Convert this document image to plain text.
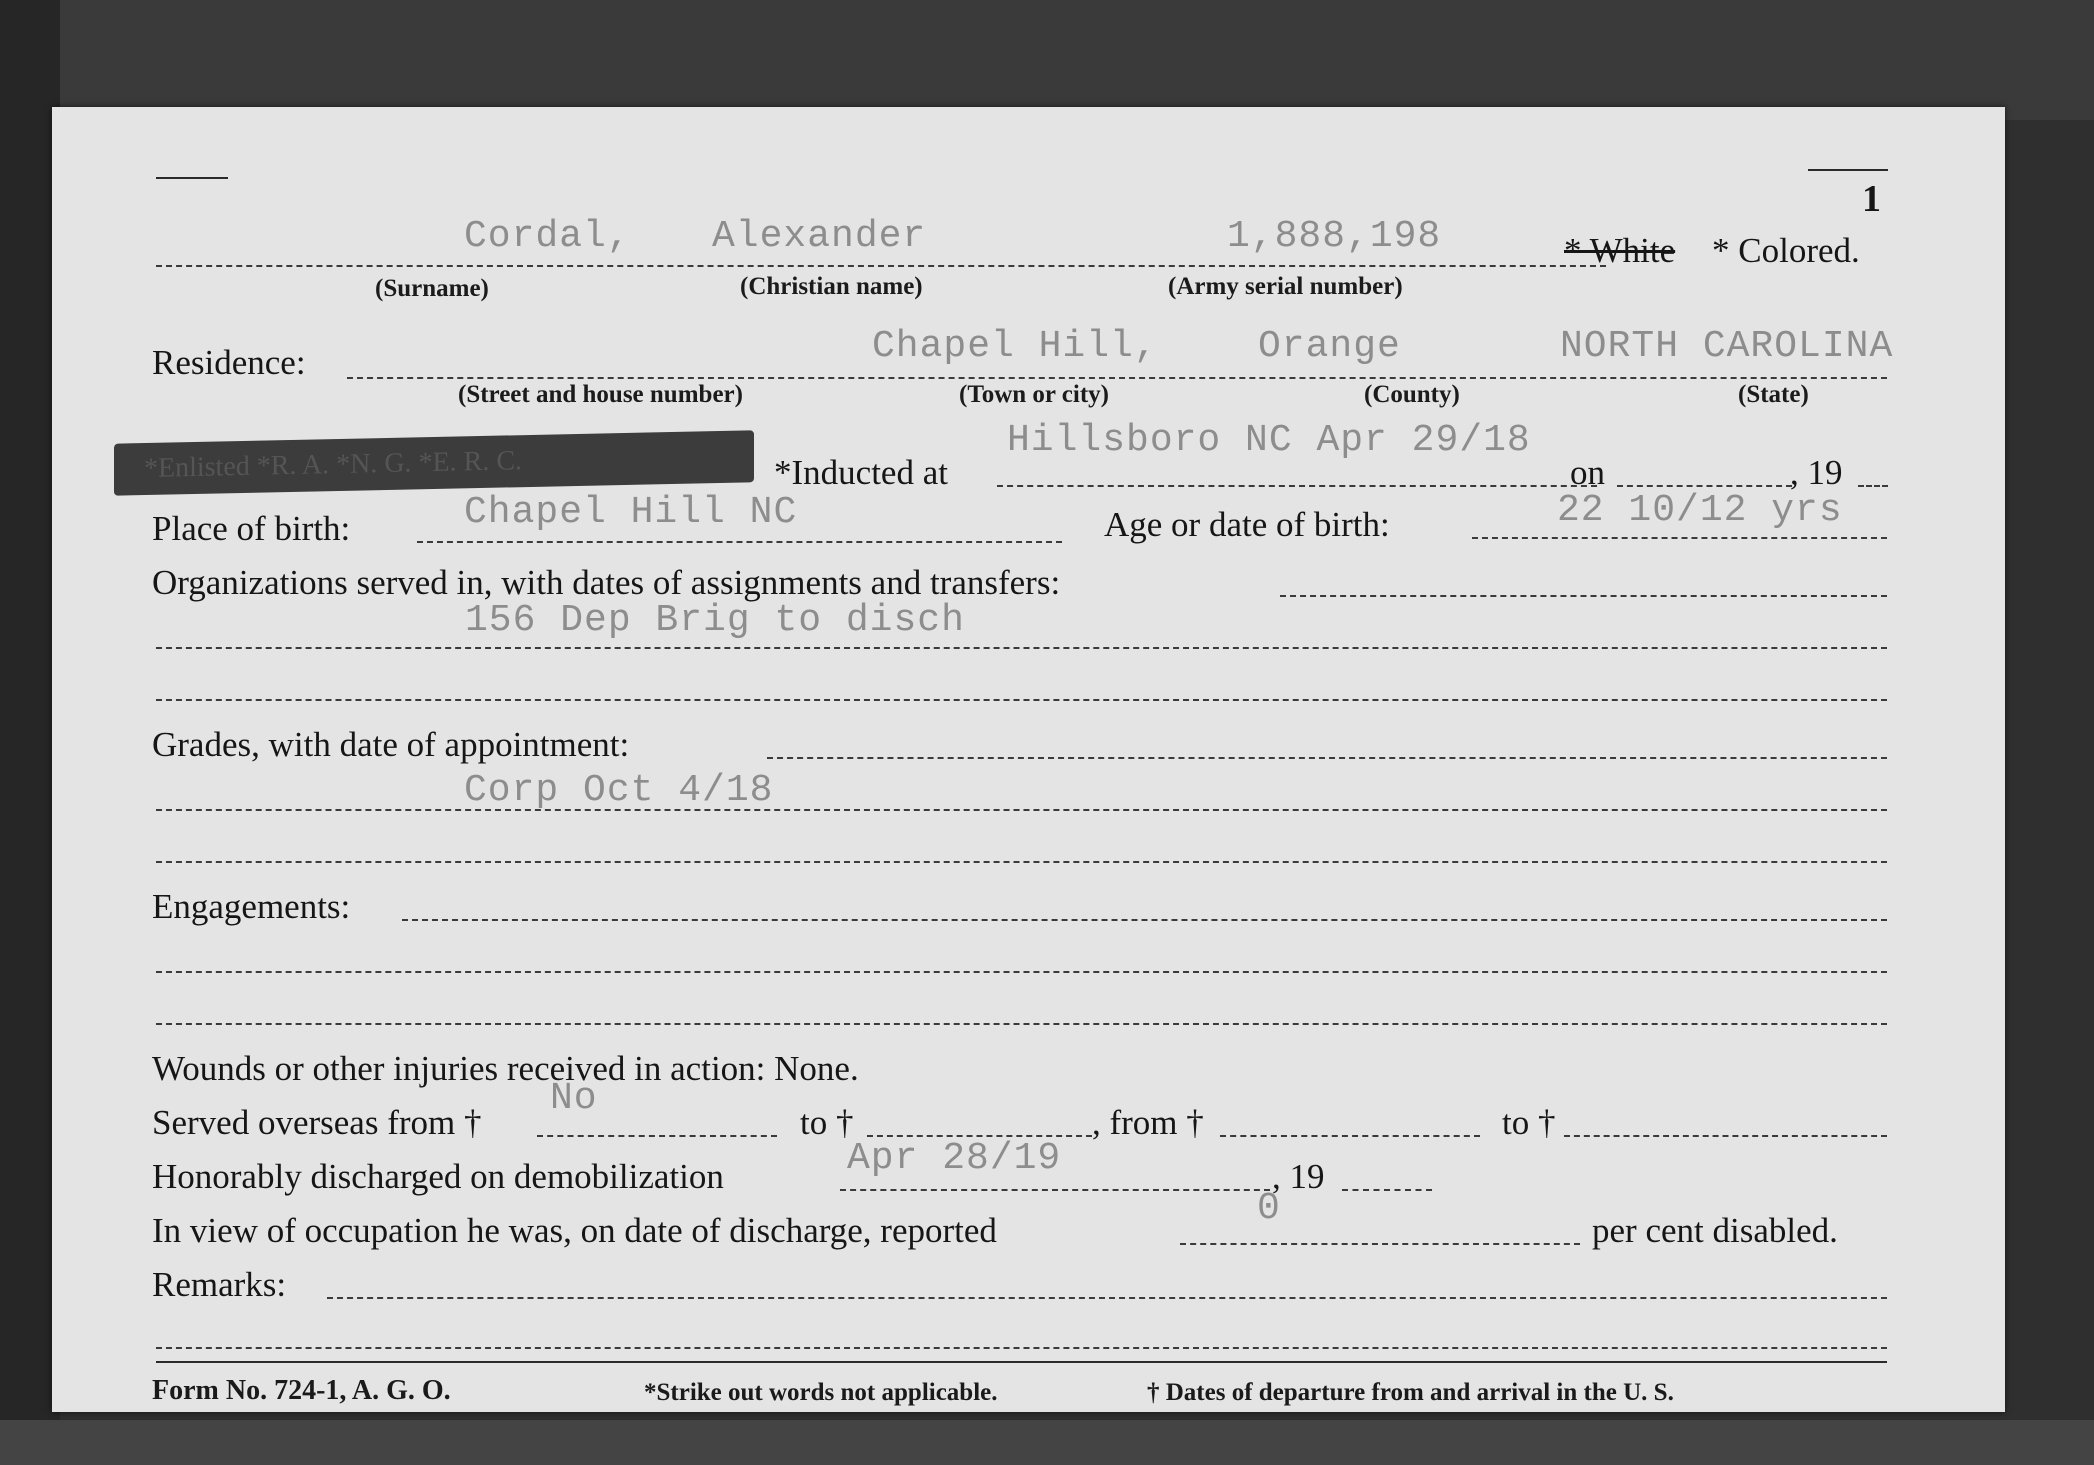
1
Cordal, Alexander	1,888,198	* White * Colored.
(Surname)	(Christian name)	(Army serial number)
Residence:	Chapel Hill,	Orange	NORTH CAROLINA
(Street and house number)	(Town or city)	(County)	(State)
*Enlisted *R. A. *N. G. *E. R. C.	*Inducted at
Hillsboro NC Apr 29/18
on	, 19
Place of birth:	Chapel Hill NC	Age or date of birth:	22 10/12 yrs
Organizations served in, with dates of assignments and transfers:
156 Dep Brig to disch
Grades, with date of appointment:
Corp Oct 4/18
Engagements:
Wounds or other injuries received in action: None.
Served overseas from †
No
to †	, from †	to †
Honorably discharged on demobilization	Apr 28/19	, 19
In view of occupation he was, on date of discharge, reported
0
per cent disabled.
Remarks:
Form No. 724-1, A. G. O.	*Strike out words not applicable.	† Dates of departure from and arrival in the U. S.
